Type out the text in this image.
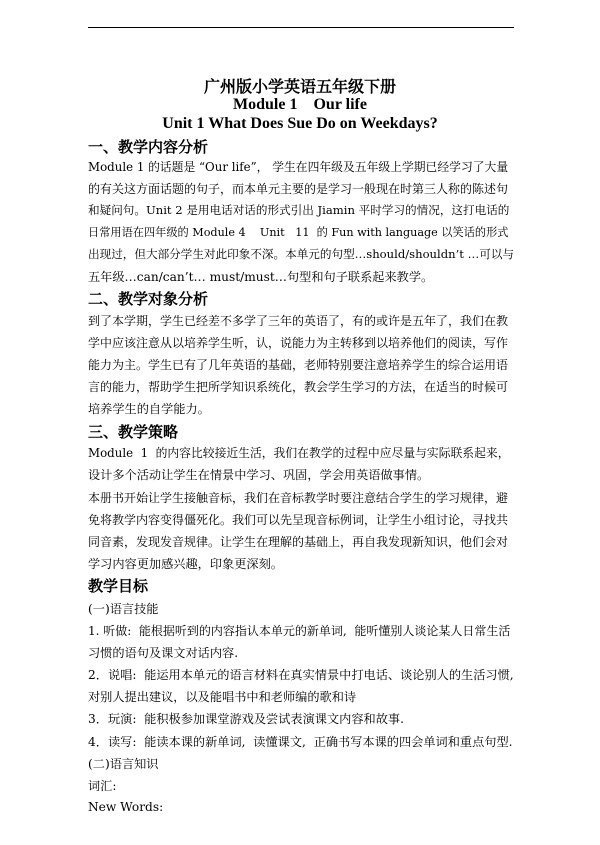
广州版小学英语五年级下册
Module 1    Our life
Unit 1 What Does Sue Do on Weekdays?
一、教学内容分析
Module 1 的话题是 “Our life”， 学生在四年级及五年级上学期已经学习了大量
的有关这方面话题的句子，而本单元主要的是学习一般现在时第三人称的陈述句
和疑问句。Unit 2 是用电话对话的形式引出 Jiamin 平时学习的情况，这打电话的
日常用语在四年级的 Module 4    Unit   11  的 Fun with language 以笑话的形式
出现过，但大部分学生对此印象不深。本单元的句型…should/shouldn’t …可以与
五年级…can/can’t… must/must…句型和句子联系起来教学。
二、教学对象分析
到了本学期，学生已经差不多学了三年的英语了，有的或许是五年了，我们在教
学中应该注意从以培养学生听，认，说能力为主转移到以培养他们的阅读，写作
能力为主。学生已有了几年英语的基础，老师特别要注意培养学生的综合运用语
言的能力，帮助学生把所学知识系统化，教会学生学习的方法，在适当的时候可
培养学生的自学能力。
三、教学策略
Module  1  的内容比较接近生活，我们在教学的过程中应尽量与实际联系起来，
设计多个活动让学生在情景中学习、巩固，学会用英语做事情。
本册书开始让学生接触音标，我们在音标教学时要注意结合学生的学习规律，避
免将教学内容变得僵死化。我们可以先呈现音标例词，让学生小组讨论，寻找共
同音素，发现发音规律。让学生在理解的基础上，再自我发现新知识，他们会对
学习内容更加感兴趣，印象更深刻。
教学目标
(一)语言技能
1. 听做:  能根据听到的内容指认本单元的新单词,  能听懂别人谈论某人日常生活
习惯的语句及课文对话内容.
2．说唱:  能运用本单元的语言材料在真实情景中打电话、谈论别人的生活习惯,
对别人提出建议，以及能唱书中和老师编的歌和诗
3．玩演:  能积极参加课堂游戏及尝试表演课文内容和故事.
4．读写:  能读本课的新单词,  读懂课文,  正确书写本课的四会单词和重点句型.
(二)语言知识
词汇:
New Words:
